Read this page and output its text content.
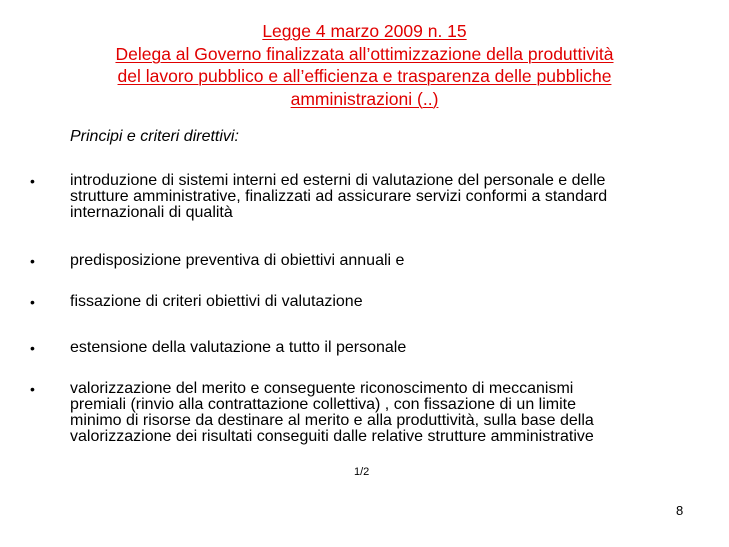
Legge 4 marzo 2009 n. 15
Delega al Governo finalizzata all’ottimizzazione della produttività
del lavoro pubblico e all’efficienza e trasparenza delle pubbliche
amministrazioni (..)
Principi e criteri direttivi:
• introduzione di sistemi interni ed esterni di valutazione del personale e delle
strutture amministrative, finalizzati ad assicurare servizi conformi a standard
internazionali di qualità
• predisposizione preventiva di obiettivi annuali e
• fissazione di criteri obiettivi di valutazione
• estensione della valutazione a tutto il personale
• valorizzazione del merito e conseguente riconoscimento di meccanismi
premiali (rinvio alla contrattazione collettiva) , con fissazione di un limite
minimo di risorse da destinare al merito e alla produttività, sulla base della
valorizzazione dei risultati conseguiti dalle relative strutture amministrative
1/2
8
